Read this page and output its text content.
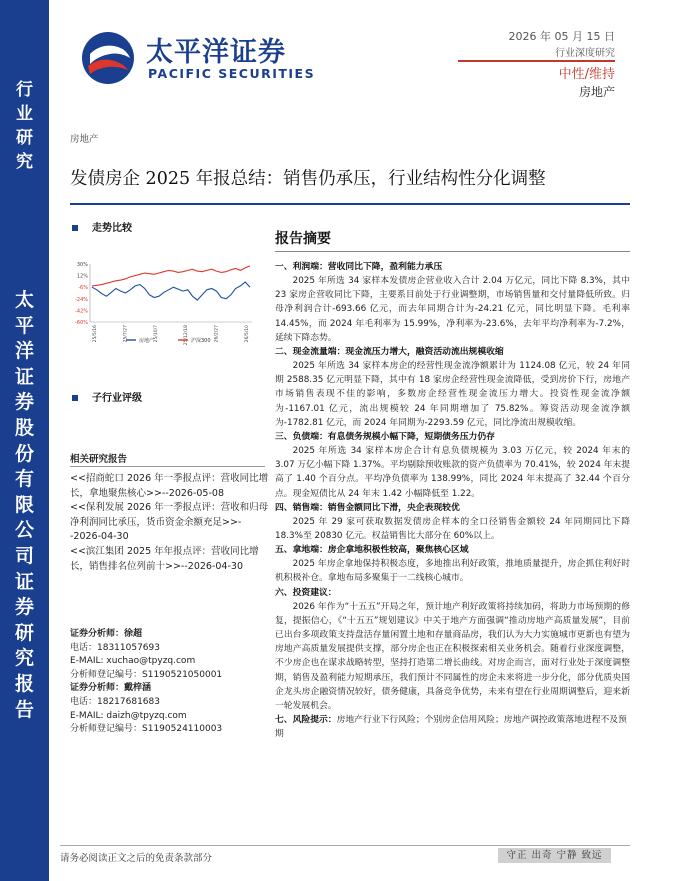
行
业
研
究
太
平
洋
证
券
股
份
有
限
公
司
证
券
研
究
报
告
太平洋证券
PACIFIC SECURITIES
2026 年 05 月 15 日
行业深度研究
中性/维持
房地产
房地产
发债房企 2025 年报总结：销售仍承压，行业结构性分化调整
走势比较
30%
12%
-6%
-24%
-42%
-60%
25/5/16	25/7/27	25/10/7	25/12/18	26/2/27	26/5/10
房地产	沪深300
子行业评级
相关研究报告
<<招商蛇口 2026 年一季报点评：营收同比增长，拿地聚焦核心>>--2026-05-08
<<保利发展 2026 年一季报点评：营收和归母净利润同比承压，货币资金余额充足>>--2026-04-30
<<滨江集团 2025 年年报点评：营收同比增长，销售排名位列前十>>--2026-04-30
证券分析师：徐超
电话：18311057693
E-MAIL: xuchao@tpyzq.com
分析师登记编号：S1190521050001
证券分析师：戴梓涵
电话：18217681683
E-MAIL: daizh@tpyzq.com
分析师登记编号：S1190524110003
报告摘要
一、利润端：营收同比下降，盈利能力承压
2025 年所选 34 家样本发债房企营业收入合计 2.04 万亿元，同比下降 8.3%，其中 23 家房企营收同比下降，主要系目前处于行业调整期，市场销售量和交付量降低所致。归母净利润合计-693.66 亿元，而去年同期合计为-24.21 亿元，同比明显下降。毛利率 14.45%，而 2024 年毛利率为 15.99%，净利率为-23.6%，去年平均净利率为-7.2%，延续下降态势。
二、现金流量端：现金流压力增大，融资活动流出规模收缩
2025 年所选 34 家样本房企的经营性现金流净额累计为 1124.08 亿元，较 24 年同期 2588.35 亿元明显下降，其中有 18 家房企经营性现金流降低，受到房价下行，房地产市场销售表现不佳的影响，多数房企经营性现金流压力增大。投资性现金流净额为-1167.01 亿元，流出规模较 24 年同期增加了 75.82%。筹资活动现金流净额为-1782.81 亿元，而 2024 年同期为-2293.59 亿元，同比净流出规模收缩。
三、负债端：有息债务规模小幅下降，短期债务压力仍存
2025 年所选 34 家样本房企合计有息负债规模为 3.03 万亿元，较 2024 年末的 3.07 万亿小幅下降 1.37%。平均剔除预收账款的资产负债率为 70.41%，较 2024 年末提高了 1.40 个百分点。平均净负债率为 138.99%，同比 2024 年末提高了 32.44 个百分点。现金短债比从 24 年末 1.42 小幅降低至 1.22。
四、销售端：销售金额同比下滑，央企表现较优
2025 年 29 家可获取数据发债房企样本的全口径销售金额较 24 年同期同比下降 18.3%至 20830 亿元。权益销售比大部分在 60%以上。
五、拿地端：房企拿地积极性较高，聚焦核心区域
2025 年房企拿地保持积极态度，多地推出利好政策，推地质量提升，房企抓住利好时机积极补仓。拿地布局多聚集于一二线核心城市。
六、投资建议：
2026 年作为“十五五”开局之年，预计地产利好政策将持续加码，将助力市场预期的修复，提振信心，《“十五五”规划建议》中关于地产方面强调“推动房地产高质量发展”，目前已出台多项政策支持盘活存量闲置土地和存量商品房，我们认为大力实施城市更新也有望为房地产高质量发展提供支撑，部分房企也正在积极探索相关业务机会。随着行业深度调整，不少房企也在谋求战略转型，坚持打造第二增长曲线。对房企而言，面对行业处于深度调整期，销售及盈利能力短期承压，我们预计不同属性的房企未来将进一步分化，部分优质央国企龙头房企融资情况较好，债务健康，具备竞争优势，未来有望在行业周期调整后，迎来新一轮发展机会。
七、风险提示：房地产行业下行风险；个别房企信用风险；房地产调控政策落地进程不及预期
请务必阅读正文之后的免责条款部分	守正 出奇 宁静 致远
